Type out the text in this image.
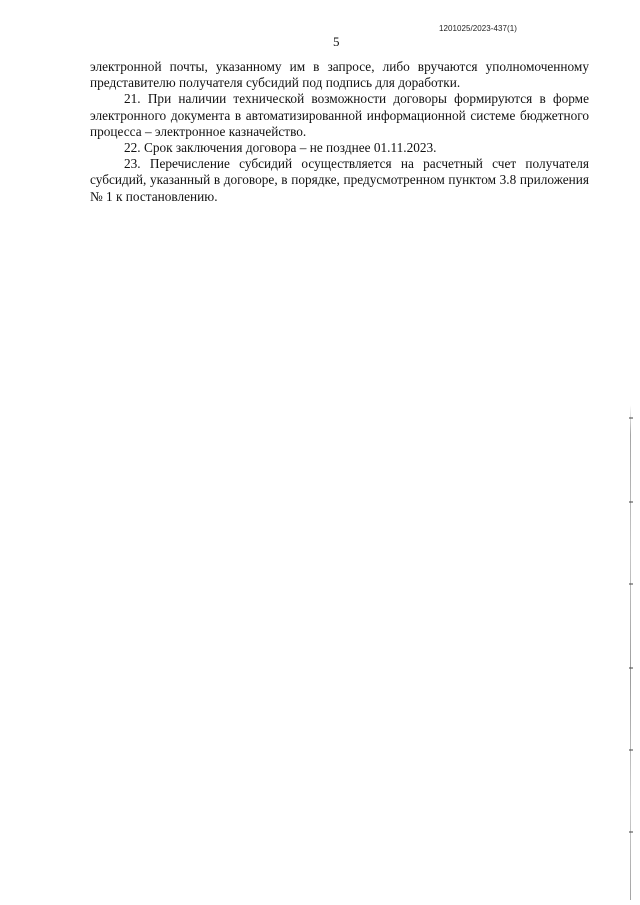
1201025/2023-437(1)
5

электронной почты, указанному им в запросе, либо вручаются уполномоченному представителю получателя субсидий под подпись для доработки.

21. При наличии технической возможности договоры формируются в форме электронного документа в автоматизированной информационной системе бюджетного процесса – электронное казначейство.

22. Срок заключения договора – не позднее 01.11.2023.

23. Перечисление субсидий осуществляется на расчетный счет получателя субсидий, указанный в договоре, в порядке, предусмотренном пунктом 3.8 приложения № 1 к постановлению.
